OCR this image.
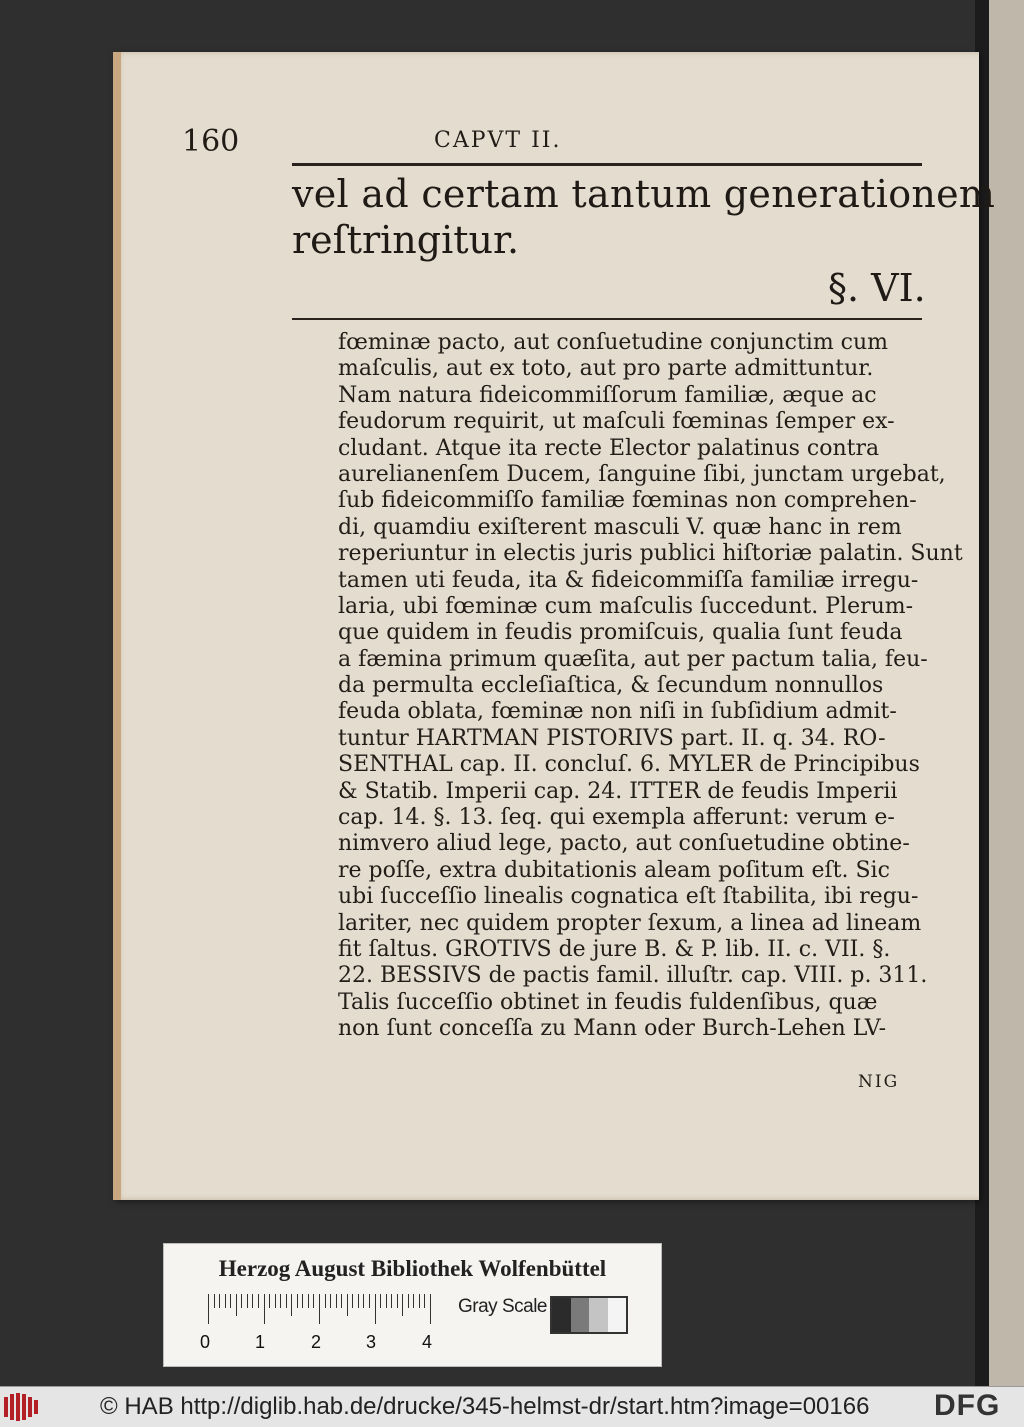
160	CAPVT II.
vel ad certam tantum generationem
reſtringitur.
§. VI.
fœminæ pacto, aut conſuetudine conjunctim cum
maſculis, aut ex toto, aut pro parte admittuntur.
Nam natura fideicommiſſorum familiæ, æque ac
feudorum requirit, ut maſculi fœminas ſemper ex-
cludant. Atque ita recte Elector palatinus contra
aurelianenſem Ducem, ſanguine ſibi, junctam urgebat,
ſub fideicommiſſo familiæ fœminas non comprehen-
di, quamdiu exiſterent masculi V. quæ hanc in rem
reperiuntur in electis juris publici hiſtoriæ palatin. Sunt
tamen uti feuda, ita & fideicommiſſa familiæ irregu-
laria, ubi fœminæ cum maſculis ſuccedunt. Plerum-
que quidem in feudis promiſcuis, qualia ſunt feuda
a fæmina primum quæſita, aut per pactum talia, feu-
da permulta eccleſiaſtica, & ſecundum nonnullos
feuda oblata, fœminæ non niſi in ſubſidium admit-
tuntur HARTMAN PISTORIVS part. II. q. 34. RO-
SENTHAL cap. II. concluſ. 6. MYLER de Principibus
& Statib. Imperii cap. 24. ITTER de feudis Imperii
cap. 14. §. 13. ſeq. qui exempla afferunt: verum e-
nimvero aliud lege, pacto, aut conſuetudine obtine-
re poſſe, extra dubitationis aleam poſitum eſt. Sic
ubi ſucceſſio linealis cognatica eſt ſtabilita, ibi regu-
lariter, nec quidem propter ſexum, a linea ad lineam
fit ſaltus. GROTIVS de jure B. & P. lib. II. c. VII. §.
22. BESSIVS de pactis famil. illuſtr. cap. VIII. p. 311.
Talis ſucceſſio obtinet in feudis fuldenſibus, quæ
non ſunt conceſſa zu Mann oder Burch-Lehen LV-
NIG
Herzog August Bibliothek Wolfenbüttel
0 1	2 3	4
Gray Scale
© HAB http://diglib.hab.de/drucke/345-helmst-dr/start.htm?image=00166 DFG
